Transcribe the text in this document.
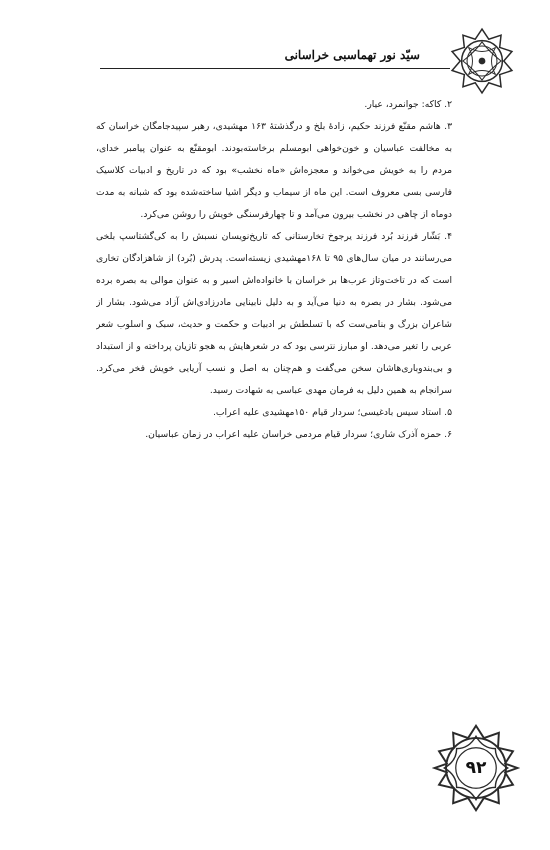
سیّد نور تهماسبی خراسانی

۲. کاکه: جوانمرد، عیار.

۳. هاشم مقنّع فرزند حکیم، زادهٔ بلخ و درگذشتهٔ ۱۶۳ مهشیدی، رهبر سپیدجامگان خراسان که به مخالفت عباسیان و خون‌خواهی ابومسلم برخاسته‌بودند. ابومقنّع به عنوان پیامبر خدای، مردم را به خویش می‌خواند و معجزه‌اش «ماه نخشب» بود که در تاریخ و ادبیات کلاسیک فارسی بسی معروف است. این ماه از سیماب و دیگر اشیا ساخته‌شده بود که شبانه به مدت دوماه از چاهی در نخشب بیرون می‌آمد و تا چهارفرسنگی خویش را روشن می‌کرد.

۴. بَشّار فرزند بُرد فرزند یرجوخ تخارستانی که تاریخ‌نویسان نسبش را به کی‌گشتاسپ بلخی می‌رسانند در میان سال‌های ۹۵ تا ۱۶۸مهشیدی زیسته‌است. پدرش (بُرد) از شاهزادگان تخاری است که در تاخت‌وتاز عرب‌ها بر خراسان با خانواده‌اش اسیر و به عنوان موالی به بصره برده می‌شود. بشار در بصره به دنیا می‌آید و به دلیل نابینایی مادرزادی‌اش آزاد می‌شود. بشار از شاعران بزرگ و بنامی‌ست که با تسلطش بر ادبیات و حکمت و حدیث، سبک و اسلوب شعر عربی را تغیر می‌دهد. او مبارز نترسی بود که در شعرهایش به هجو تازیان پرداخته و از استبداد و بی‌بندوباری‌هاشان سخن می‌گفت و هم‌چنان به اصل و نسب آریایی خویش فخر می‌کرد. سرانجام به همین دلیل به فرمان مهدی عباسی به شهادت رسید.

۵. استاد سیس بادغیسی؛ سردار قیام ۱۵۰مهشیدی علیه اعراب.

۶. حمزه آذرک شاری؛ سردار قیام مردمی خراسان علیه اعراب در زمان عباسیان.

۹۲
